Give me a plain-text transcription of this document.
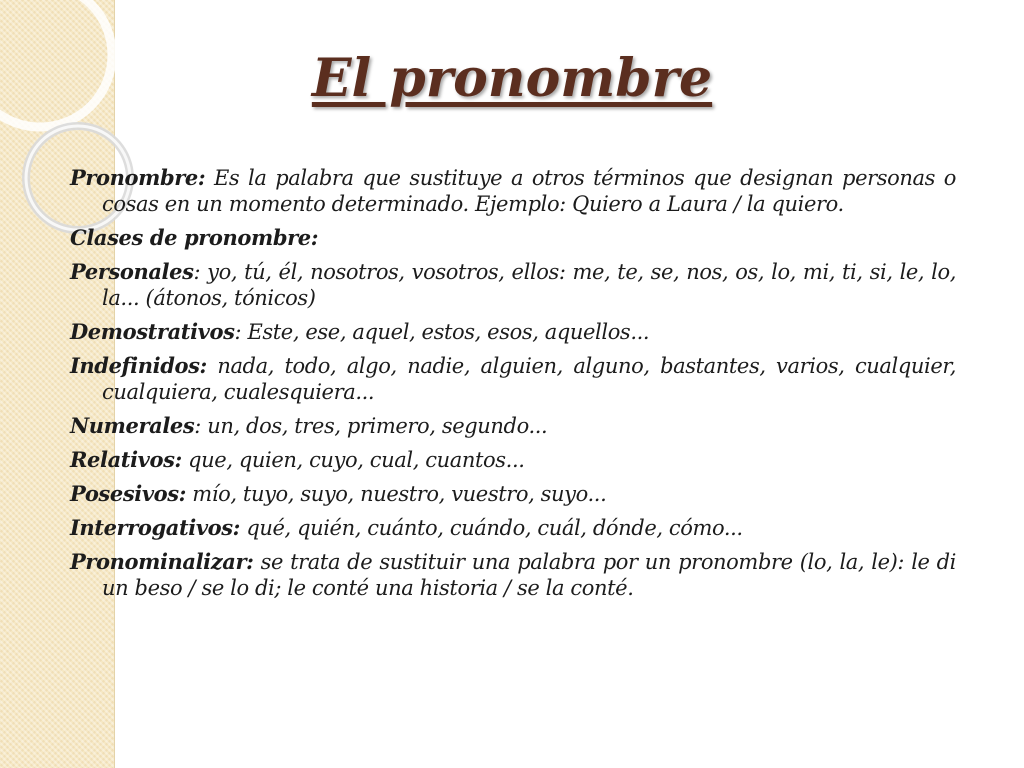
El pronombre

Pronombre: Es la palabra que sustituye a otros términos que designan personas o cosas en un momento determinado. Ejemplo: Quiero a Laura / la quiero.

Clases de pronombre:

Personales: yo, tú, él, nosotros, vosotros, ellos: me, te, se, nos, os, lo, mi, ti, si, le, lo, la... (átonos, tónicos)

Demostrativos: Este, ese, aquel, estos, esos, aquellos...

Indefinidos: nada, todo, algo, nadie, alguien, alguno, bastantes, varios, cualquier, cualquiera, cualesquiera...

Numerales: un, dos, tres, primero, segundo...

Relativos: que, quien, cuyo, cual, cuantos...

Posesivos: mío, tuyo, suyo, nuestro, vuestro, suyo...

Interrogativos: qué, quién, cuánto, cuándo, cuál, dónde, cómo...

Pronominalizar: se trata de sustituir una palabra por un pronombre (lo, la, le): le di un beso / se lo di; le conté una historia / se la conté.
